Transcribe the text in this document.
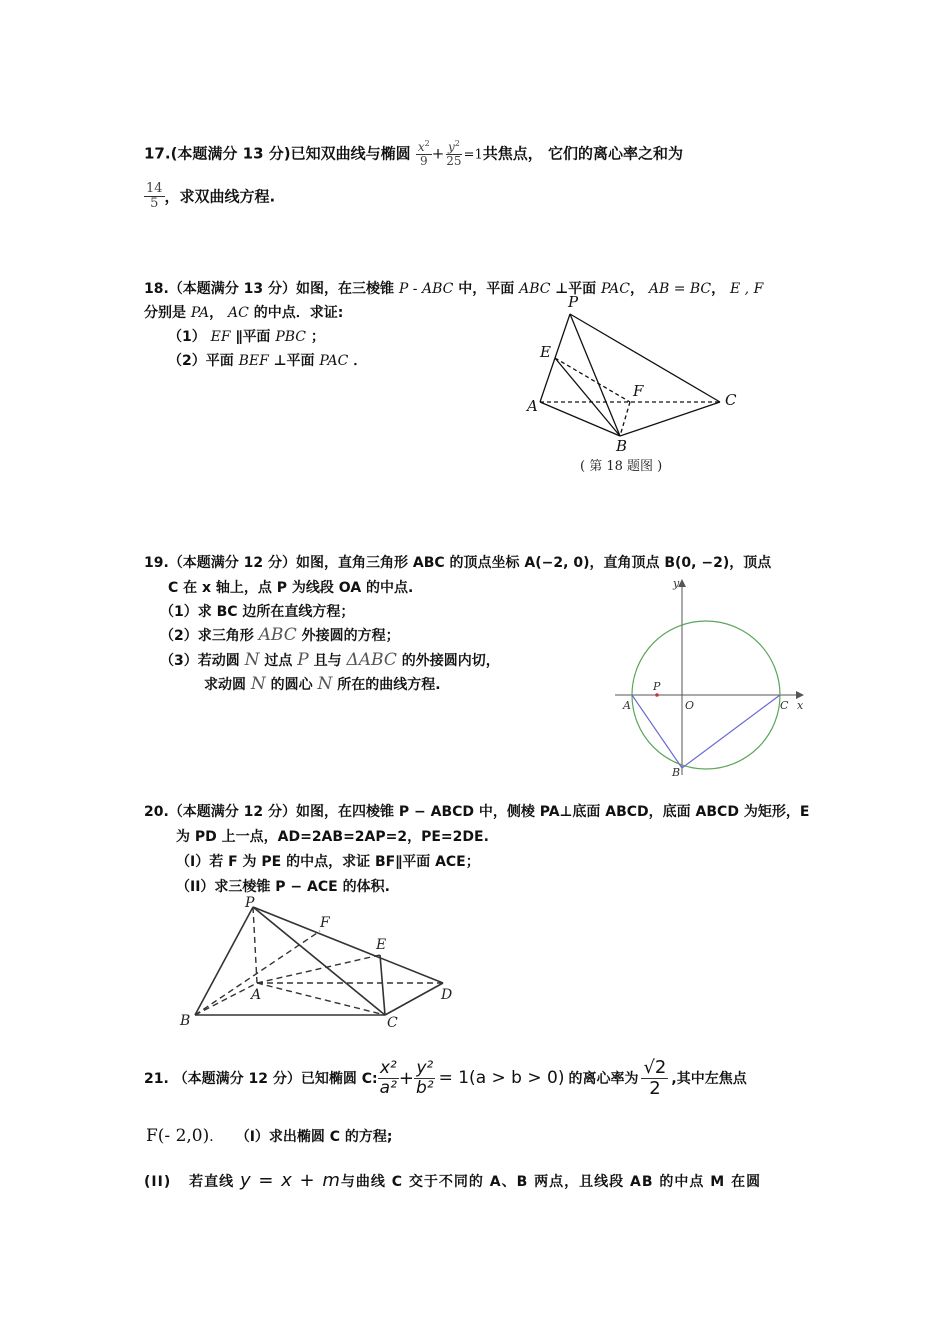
17.(本题满分 13 分)已知双曲线与椭圆 $\frac{x^2}{9} + \frac{y^2}{25} =1$共焦点， 它们的离心率之和为
$\frac{14}{5}$ ，求双曲线方程.
18.（本题满分 13 分）如图，在三棱锥 P - ABC 中，平面 ABC ⊥平面 PAC， AB = BC， E , F
分别是 PA， AC 的中点．求证:
（1） EF ∥平面 PBC ；
（2）平面 BEF ⊥平面 PAC ．
P
E
F
A
B
C
( 第 18 题图 )
19.（本题满分 12 分）如图，直角三角形 ABC 的顶点坐标 A(−2, 0)，直角顶点 B(0, −2)，顶点
C 在 x 轴上，点 P 为线段 OA 的中点.
（1）求 BC 边所在直线方程；
（2）求三角形 ABC 外接圆的方程；
（3）若动圆 N 过点 P 且与 ΔABC 的外接圆内切，
求动圆 N 的圆心 N 所在的曲线方程.
y
x
A
P
O	C
B
20.（本题满分 12 分）如图，在四棱锥 P − ABCD 中，侧棱 PA⊥底面 ABCD，底面 ABCD 为矩形，E
为 PD 上一点，AD=2AB=2AP=2，PE=2DE.
（I）若 F 为 PE 的中点，求证 BF∥平面 ACE；
（II）求三棱锥 P − ACE 的体积.
P
F
E
A
B	C
D
21. （本题满分 12 分）已知椭圆 C: $\frac{\text{x²}}{\text{a²}} + \frac{\text{y²}}{\text{b²}} = 1(a > b > 0)$ 的离心率为 $\frac{√2}{2}$ ,其中左焦点
F(- 2,0)． （I）求出椭圆 C 的方程;
(II) 若直线 y = x + m与曲线 C 交于不同的 A、B 两点，且线段 AB 的中点 M 在圆
